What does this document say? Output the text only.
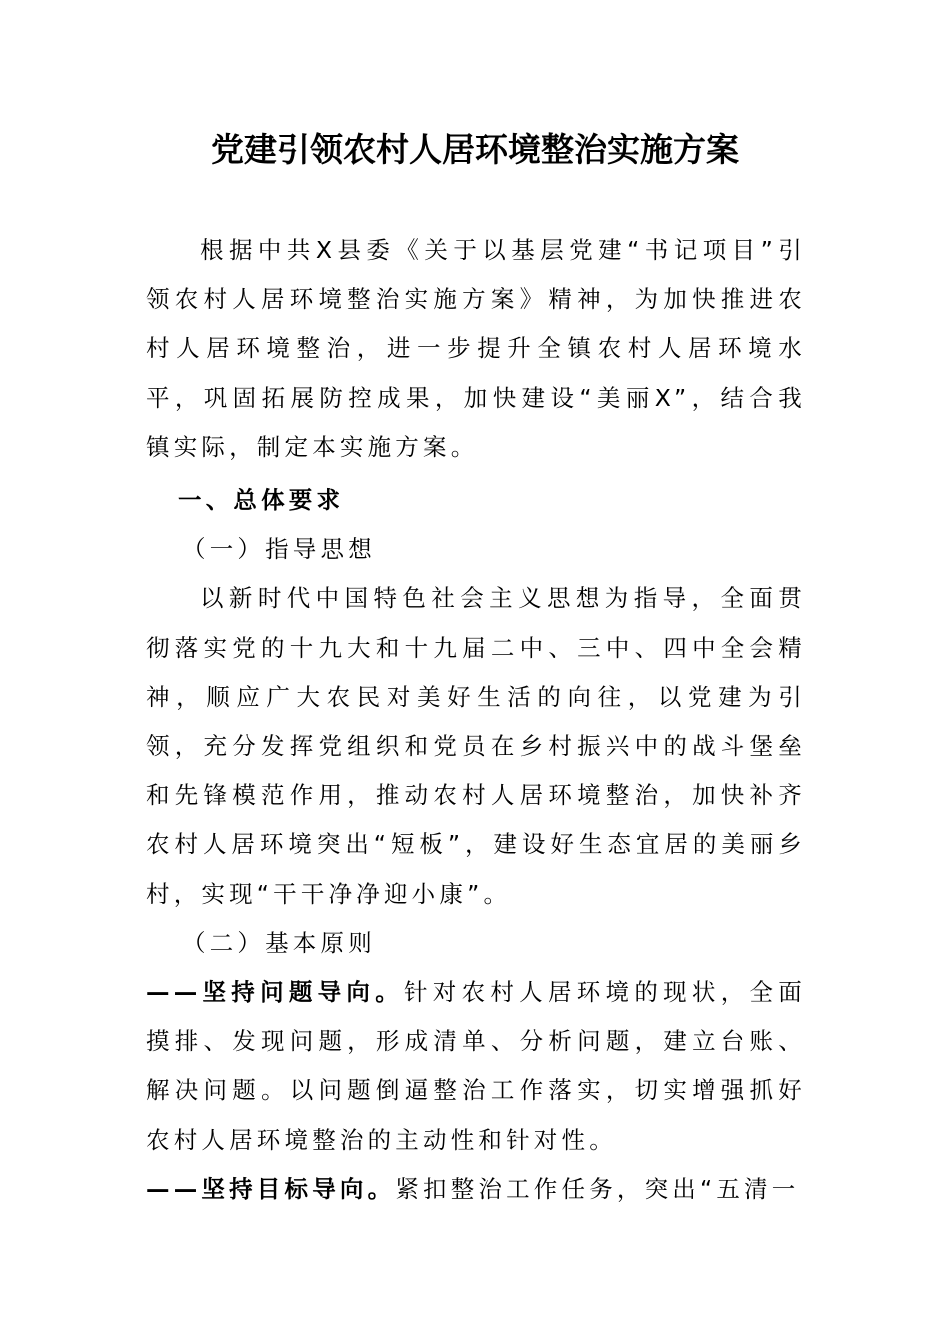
党建引领农村人居环境整治实施方案

根据中共X县委《关于以基层党建“书记项目”引领农村人居环境整治实施方案》精神，为加快推进农村人居环境整治，进一步提升全镇农村人居环境水平，巩固拓展防控成果，加快建设“美丽X”，结合我镇实际，制定本实施方案。

一、总体要求

（一）指导思想

以新时代中国特色社会主义思想为指导，全面贯彻落实党的十九大和十九届二中、三中、四中全会精神，顺应广大农民对美好生活的向往，以党建为引领，充分发挥党组织和党员在乡村振兴中的战斗堡垒和先锋模范作用，推动农村人居环境整治，加快补齐农村人居环境突出“短板”，建设好生态宜居的美丽乡村，实现“干干净净迎小康”。

（二）基本原则

——坚持问题导向。针对农村人居环境的现状，全面摸排、发现问题，形成清单、分析问题，建立台账、解决问题。以问题倒逼整治工作落实，切实增强抓好农村人居环境整治的主动性和针对性。

——坚持目标导向。紧扣整治工作任务，突出“五清一
